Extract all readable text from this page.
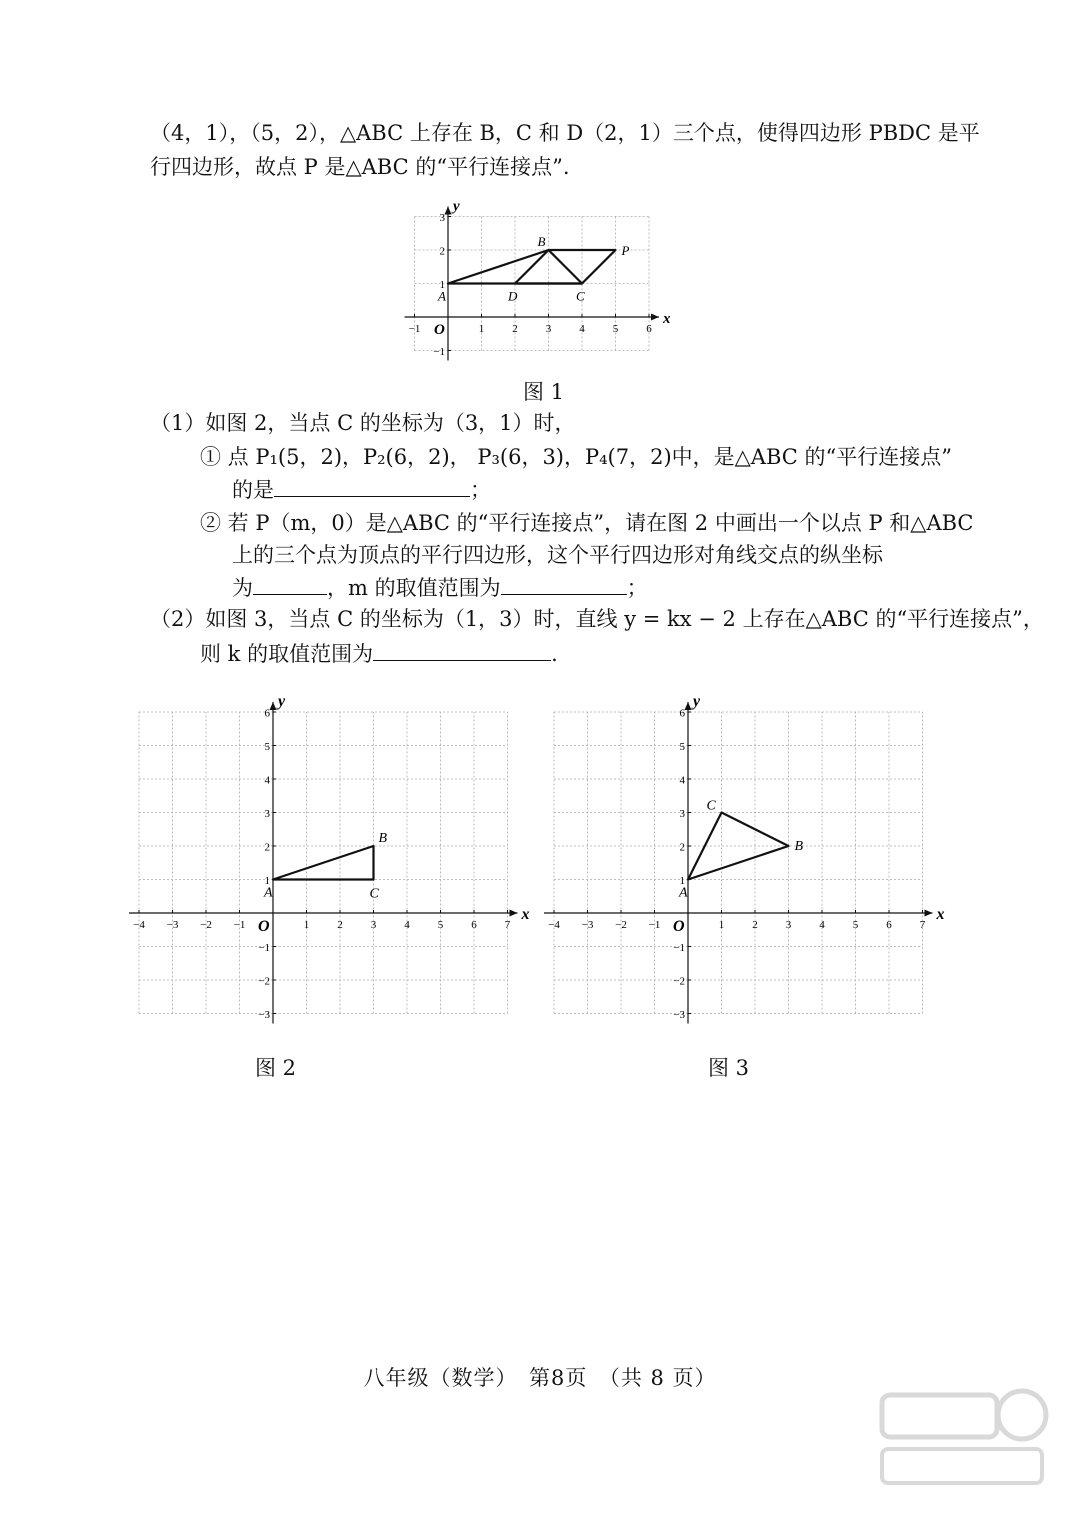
（4，1），（5，2），△ABC 上存在 B，C 和 D（2，1）三个点，使得四边形 PBDC 是平
行四边形，故点 P 是△ABC 的“平行连接点”.
x
y
O
−1	1	2	3	4	5	6
−1
1
2
3
A
B
C
D
P
图 1
（1）如图 2，当点 C 的坐标为（3，1）时，
① 点 P₁(5，2)，P₂(6，2)， P₃(6，3)，P₄(7，2)中，是△ABC 的“平行连接点”
的是	；
② 若 P（m，0）是△ABC 的“平行连接点”，请在图 2 中画出一个以点 P 和△ABC
上的三个点为顶点的平行四边形，这个平行四边形对角线交点的纵坐标
为	，m 的取值范围为	；
（2）如图 3，当点 C 的坐标为（1，3）时，直线 y = kx − 2 上存在△ABC 的“平行连接点”，
则 k 的取值范围为	.
x
y
O
−4 −3 −2 −1	1	2	3	4	5	6	7
−3
−2
−1
1
2
3
4
5
6
A
B
C
x
y
O
−4 −3 −2 −1	1	2	3	4	5	6	7
−3
−2
−1
1
2
3
4
5
6
A
B
C
图 2	图 3
八年级（数学）　第8页　（共 8 页）
